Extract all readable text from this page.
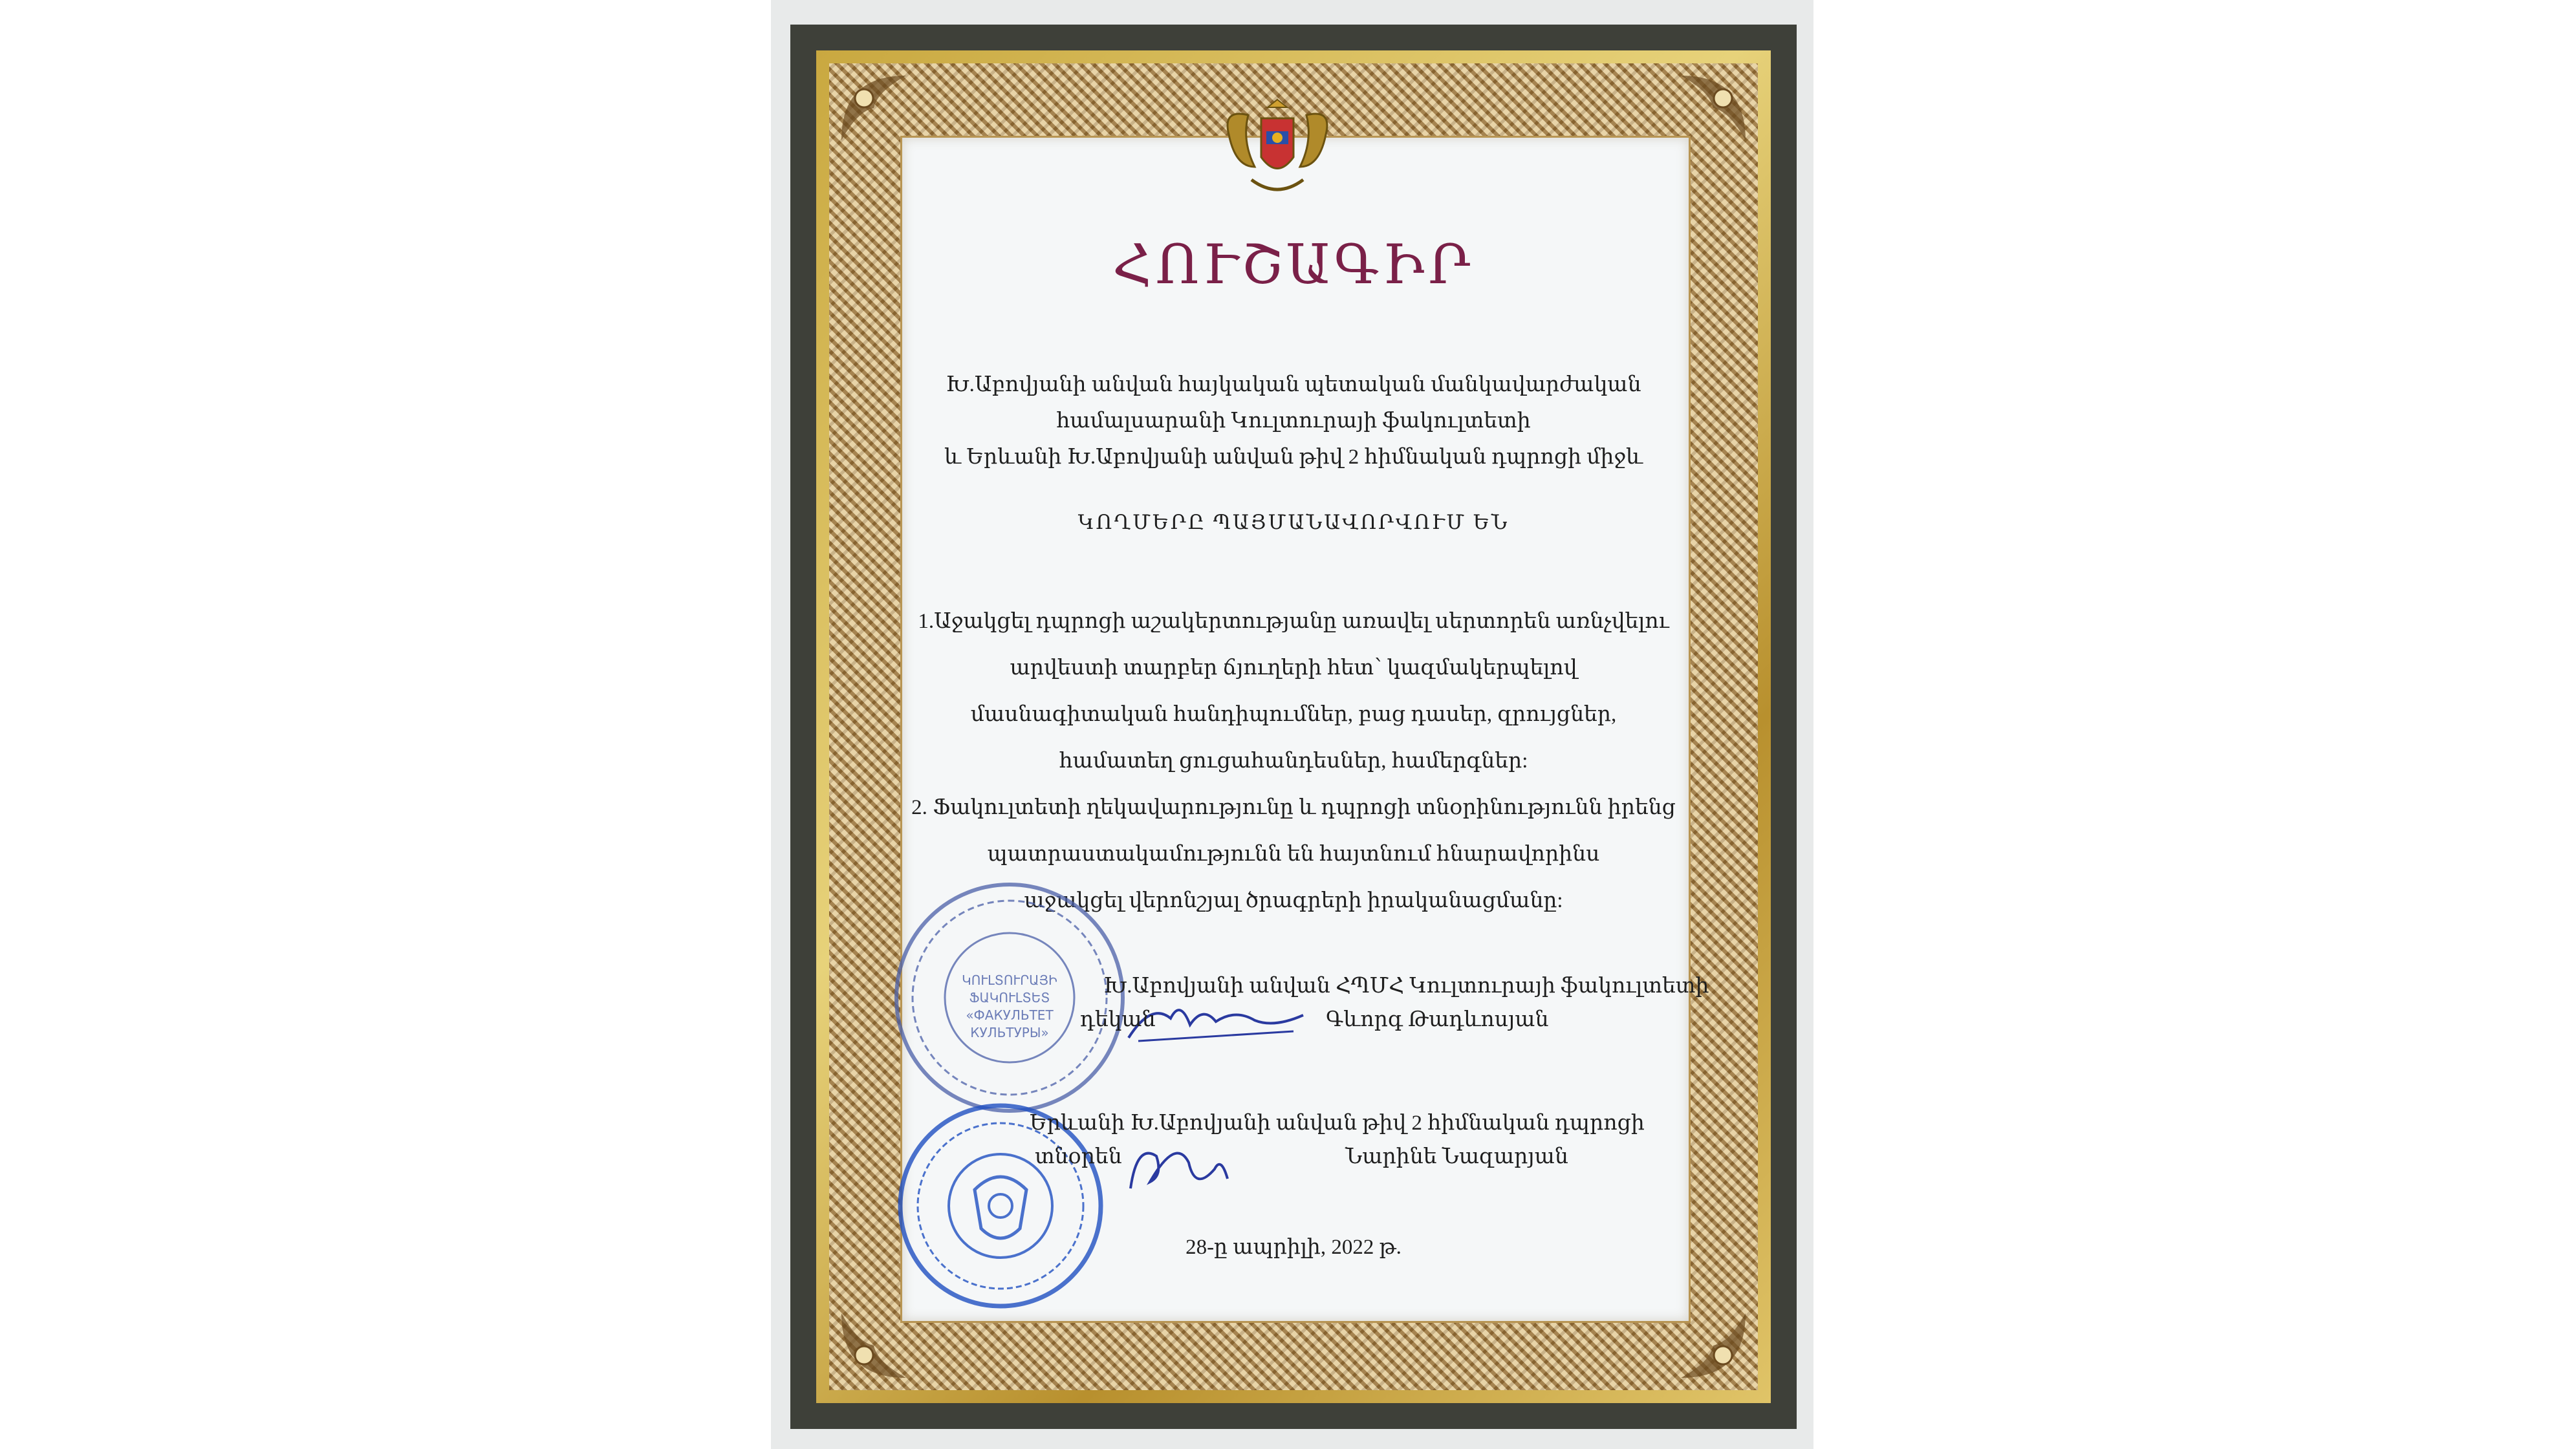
ՀՈՒՇԱԳԻՐ
Խ.Աբովյանի անվան հայկական պետական մանկավարժական
համալսարանի Կուլտուրայի ֆակուլտետի
և Երևանի Խ.Աբովյանի անվան թիվ 2 հիմնական դպրոցի միջև
ԿՈՂՄԵՐԸ ՊԱՅՄԱՆԱՎՈՐՎՈՒՄ ԵՆ
1.Աջակցել դպրոցի աշակերտությանը առավել սերտորեն առնչվելու
արվեստի տարբեր ճյուղերի հետ՝ կազմակերպելով
մասնագիտական հանդիպումներ, բաց դասեր, զրույցներ,
համատեղ ցուցահանդեսներ, համերգներ:
2. Ֆակուլտետի ղեկավարությունը և դպրոցի տնօրինությունն իրենց
պատրաստակամությունն են հայտնում հնարավորինս
աջակցել վերոնշյալ ծրագրերի իրականացմանը:
ԿՈՒԼՏՈՒՐԱՅԻ
ՖԱԿՈՒԼՏԵՏ
«ФАКУЛЬТЕТ
КУЛЬТУРЫ»
Խ.Աբովյանի անվան ՀՊՄՀ Կուլտուրայի ֆակուլտետի
դեկան	Գևորգ Թադևոսյան
Երևանի Խ.Աբովյանի անվան թիվ 2 հիմնական դպրոցի
տնօրեն	Նարինե Նազարյան
28-ը ապրիլի, 2022 թ.
